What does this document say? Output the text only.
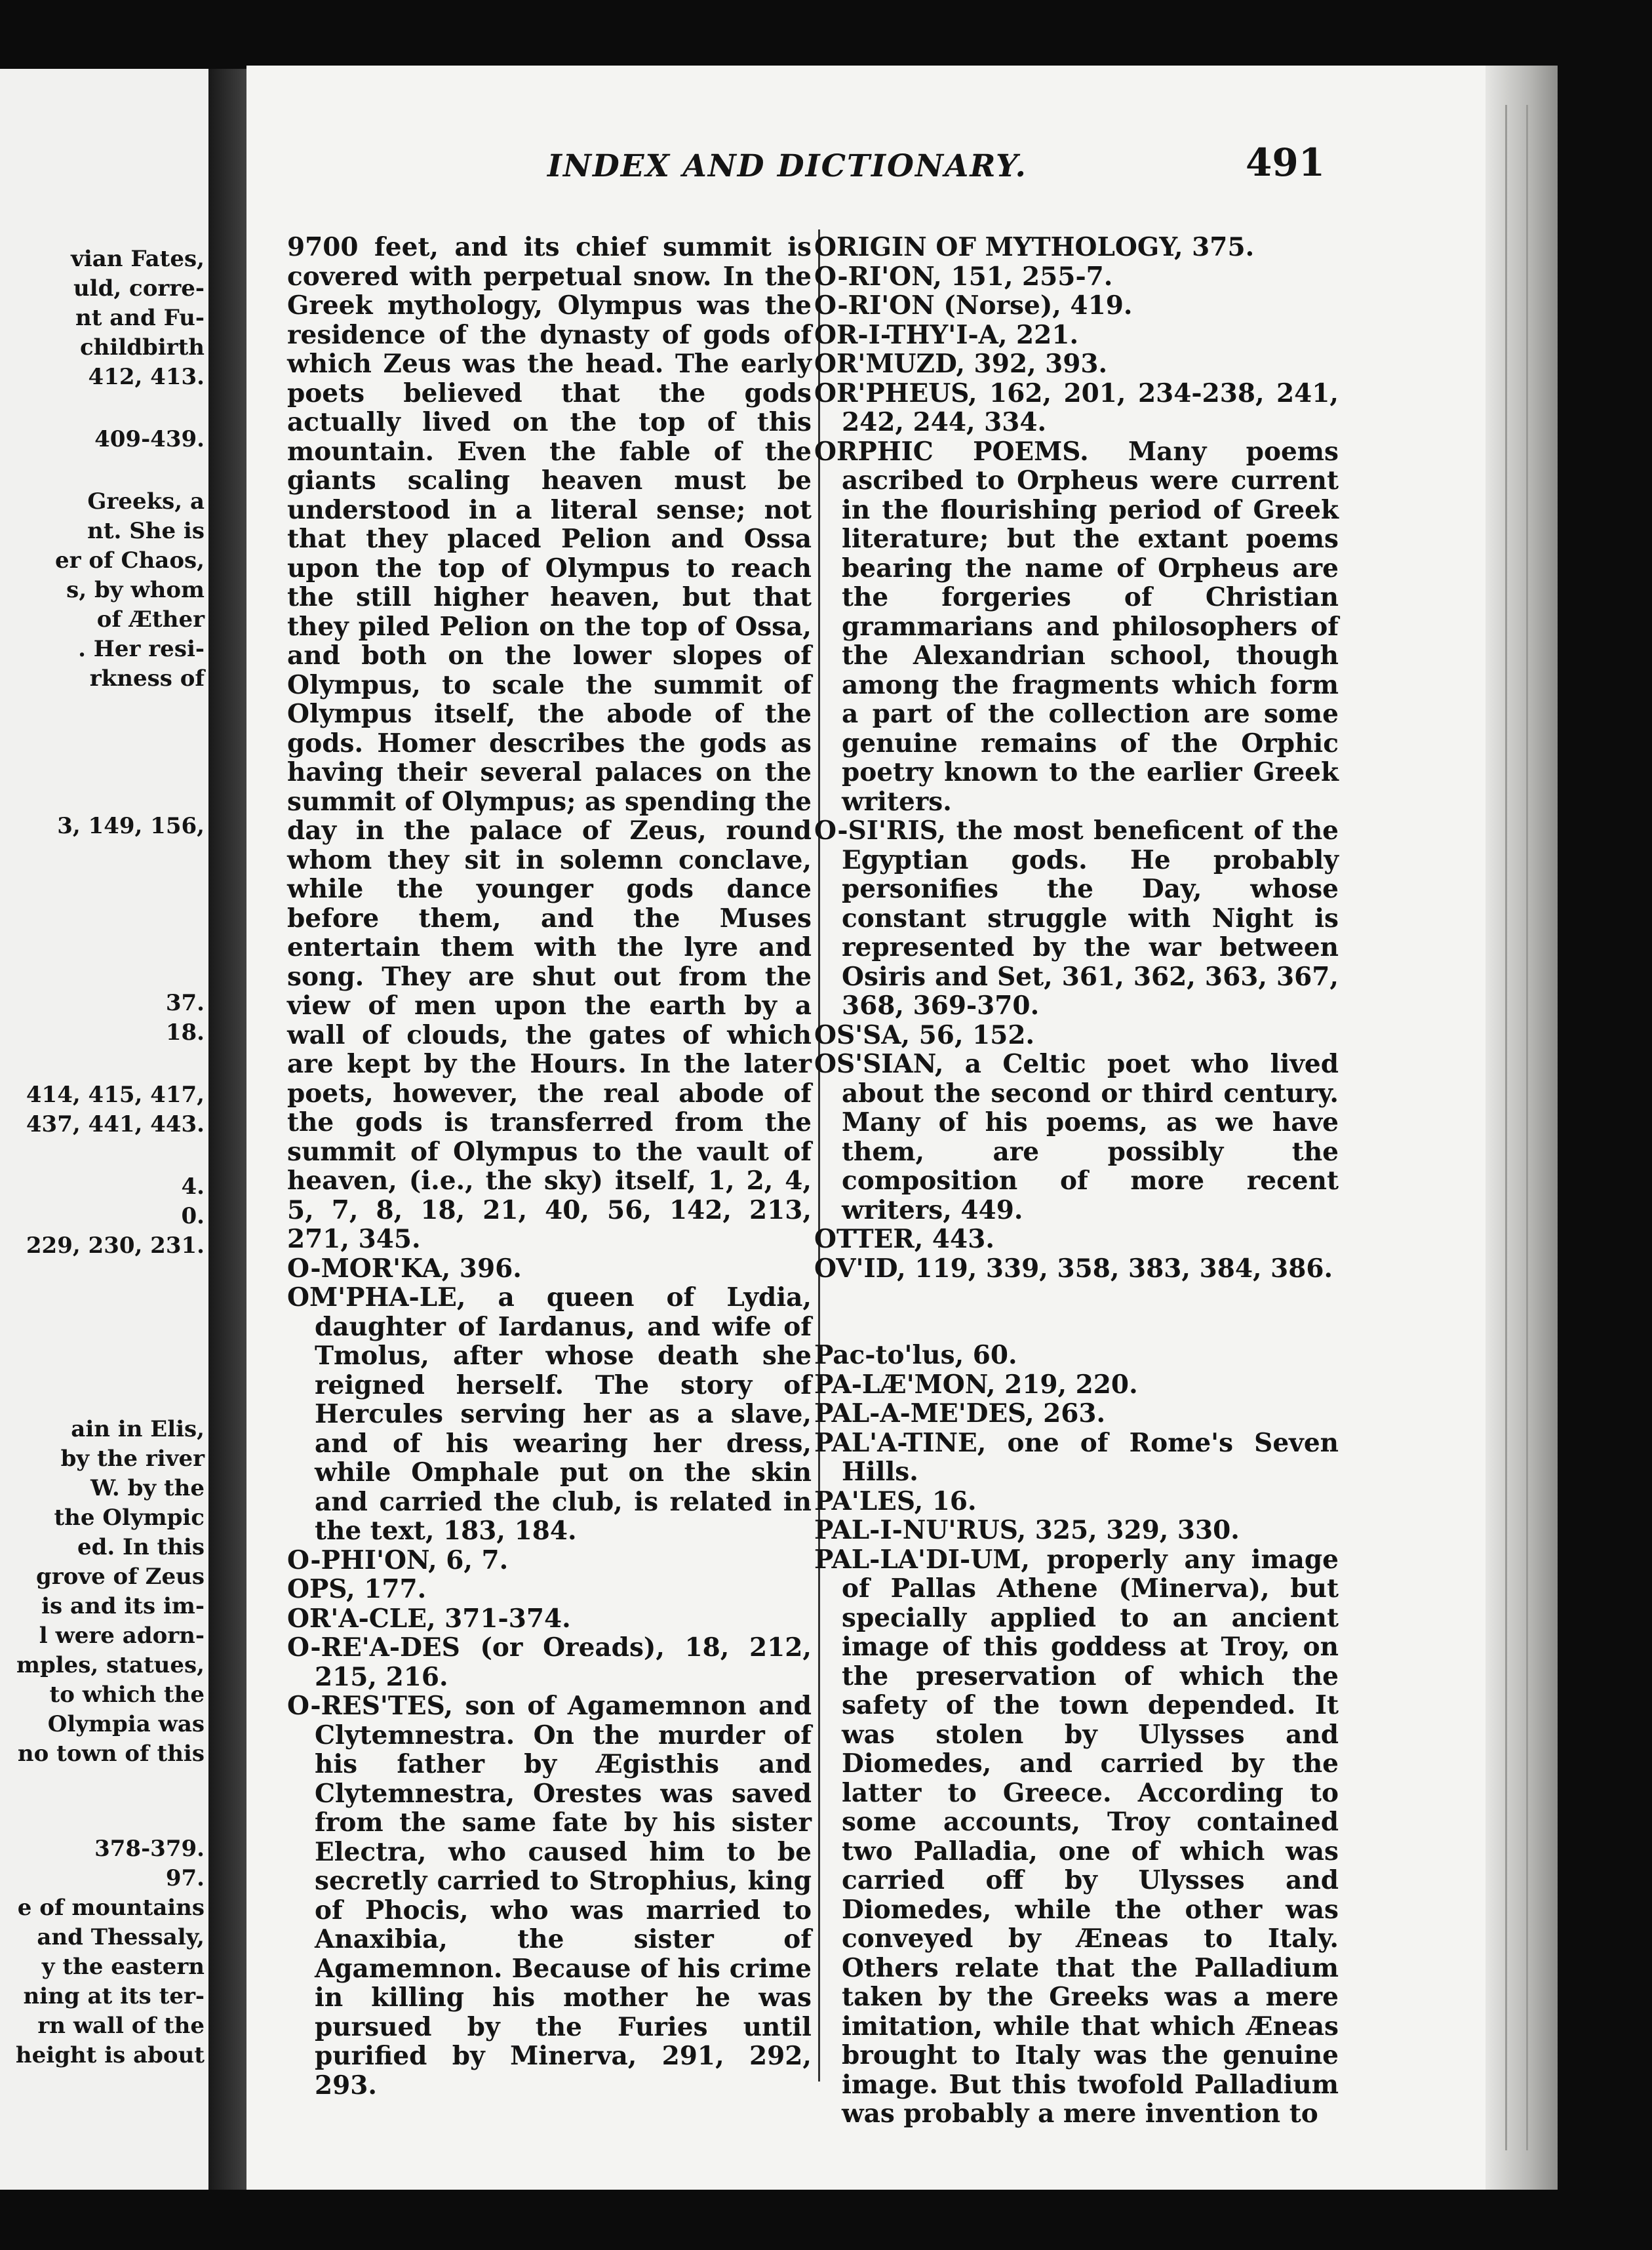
vian Fates,
uld, corre-
nt and Fu-
childbirth
412, 413.
409-439.
Greeks, a
nt. She is
er of Chaos,
s, by whom
of Æther
. Her resi-
rkness of
3, 149, 156,
37.
18.
414, 415, 417,
437, 441, 443.
4.
0.
229, 230, 231.
ain in Elis,
by the river
W. by the
the Olympic
ed. In this
grove of Zeus
is and its im-
l were adorn-
mples, statues,
to which the
Olympia was
no town of this
378-379.
97.
e of mountains
and Thessaly,
y the eastern
ning at its ter-
rn wall of the
height is about
INDEX AND DICTIONARY.	491

9700 feet, and its chief summit is covered with perpetual snow. In the Greek mythology, Olympus was the residence of the dynasty of gods of which Zeus was the head. The early poets believed that the gods actually lived on the top of this mountain. Even the fable of the giants scaling heaven must be understood in a literal sense; not that they placed Pelion and Ossa upon the top of Olympus to reach the still higher heaven, but that they piled Pelion on the top of Ossa, and both on the lower slopes of Olympus, to scale the summit of Olympus itself, the abode of the gods. Homer describes the gods as having their several palaces on the summit of Olympus; as spending the day in the palace of Zeus, round whom they sit in solemn conclave, while the younger gods dance before them, and the Muses entertain them with the lyre and song. They are shut out from the view of men upon the earth by a wall of clouds, the gates of which are kept by the Hours. In the later poets, however, the real abode of the gods is transferred from the summit of Olympus to the vault of heaven, (i.e., the sky) itself, 1, 2, 4, 5, 7, 8, 18, 21, 40, 56, 142, 213, 271, 345.

O-MOR'KA, 396.

OM'PHA-LE, a queen of Lydia, daughter of Iardanus, and wife of Tmolus, after whose death she reigned herself. The story of Hercules serving her as a slave, and of his wearing her dress, while Omphale put on the skin and carried the club, is related in the text, 183, 184.

O-PHI'ON, 6, 7.

OPS, 177.

OR'A-CLE, 371-374.

O-RE'A-DES (or Oreads), 18, 212, 215, 216.

O-RES'TES, son of Agamemnon and Clytemnestra. On the murder of his father by Ægisthis and Clytemnestra, Orestes was saved from the same fate by his sister Electra, who caused him to be secretly carried to Strophius, king of Phocis, who was married to Anaxibia, the sister of Agamemnon. Because of his crime in killing his mother he was pursued by the Furies until purified by Minerva, 291, 292, 293.

ORIGIN OF MYTHOLOGY, 375.

O-RI'ON, 151, 255-7.

O-RI'ON (Norse), 419.

OR-I-THY'I-A, 221.

OR'MUZD, 392, 393.

OR'PHEUS, 162, 201, 234-238, 241, 242, 244, 334.

ORPHIC POEMS. Many poems ascribed to Orpheus were current in the flourishing period of Greek literature; but the extant poems bearing the name of Orpheus are the forgeries of Christian grammarians and philosophers of the Alexandrian school, though among the fragments which form a part of the collection are some genuine remains of the Orphic poetry known to the earlier Greek writers.

O-SI'RIS, the most beneficent of the Egyptian gods. He probably personifies the Day, whose constant struggle with Night is represented by the war between Osiris and Set, 361, 362, 363, 367, 368, 369-370.

OS'SA, 56, 152.

OS'SIAN, a Celtic poet who lived about the second or third century. Many of his poems, as we have them, are possibly the composition of more recent writers, 449.

OTTER, 443.

OV'ID, 119, 339, 358, 383, 384, 386.

Pac-to'lus, 60.

PA-LÆ'MON, 219, 220.

PAL-A-ME'DES, 263.

PAL'A-TINE, one of Rome's Seven Hills.

PA'LES, 16.

PAL-I-NU'RUS, 325, 329, 330.

PAL-LA'DI-UM, properly any image of Pallas Athene (Minerva), but specially applied to an ancient image of this goddess at Troy, on the preservation of which the safety of the town depended. It was stolen by Ulysses and Diomedes, and carried by the latter to Greece. According to some accounts, Troy contained two Palladia, one of which was carried off by Ulysses and Diomedes, while the other was conveyed by Æneas to Italy. Others relate that the Palladium taken by the Greeks was a mere imitation, while that which Æneas brought to Italy was the genuine image. But this twofold Palladium was probably a mere invention to
